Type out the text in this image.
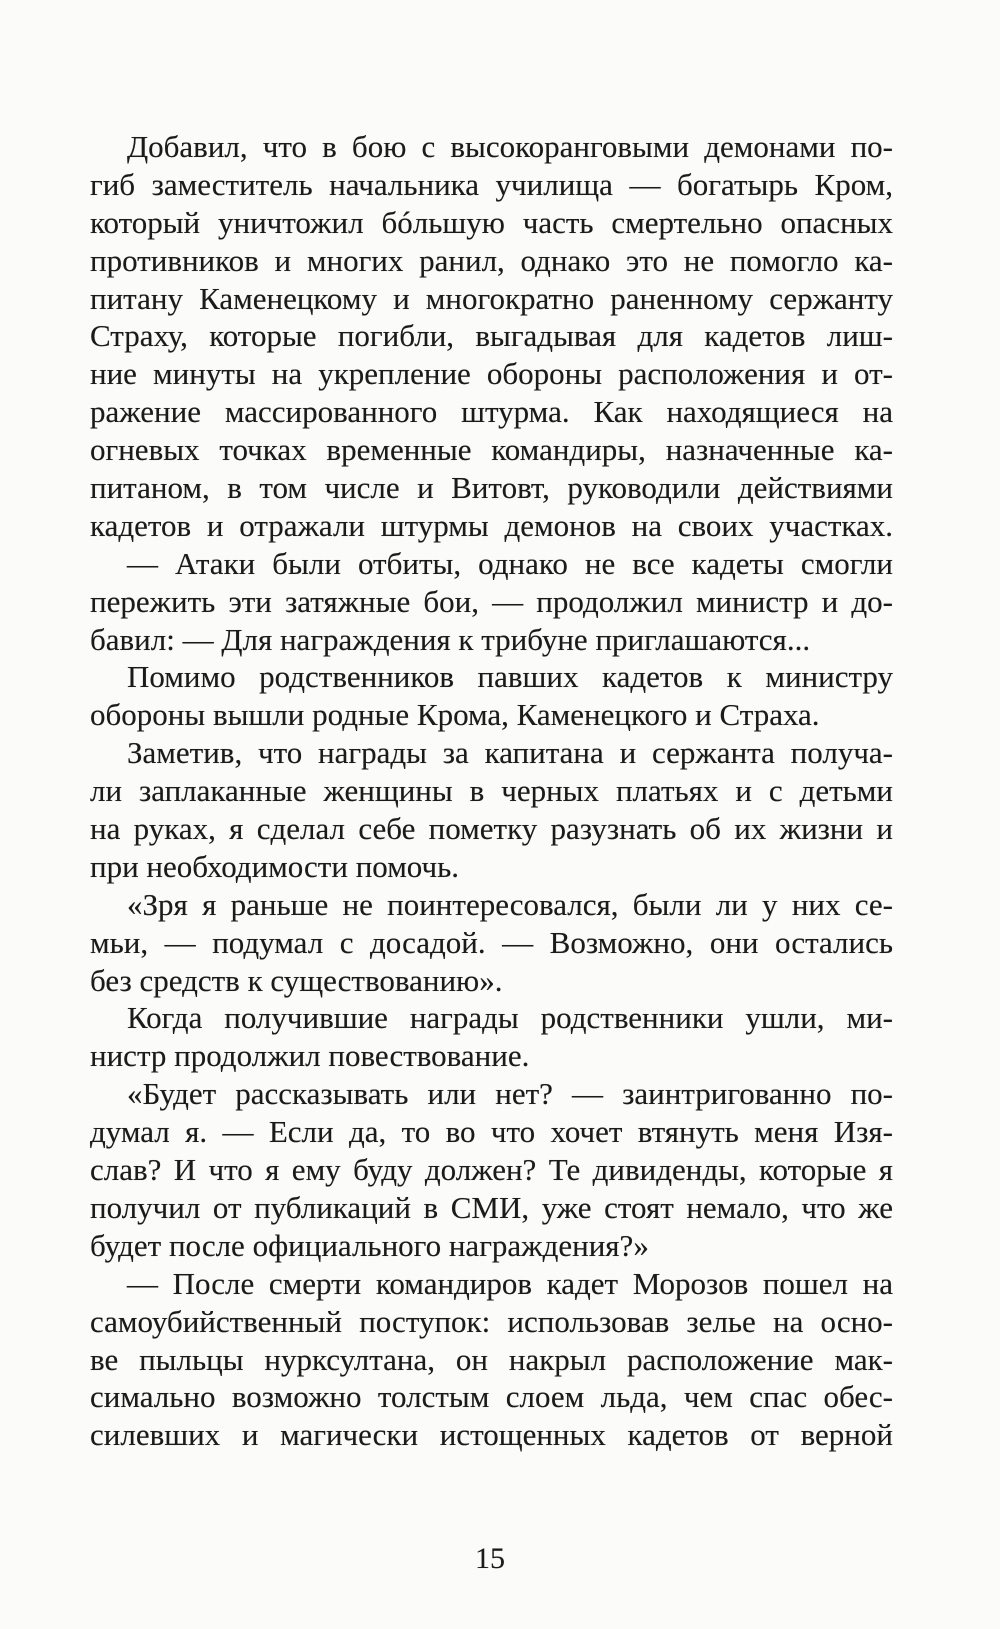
Добавил, что в бою с высокоранговыми демонами по-
гиб заместитель начальника училища — богатырь Кром,
который уничтожил бóльшую часть смертельно опасных
противников и многих ранил, однако это не помогло ка-
питану Каменецкому и многократно раненному сержанту
Страху, которые погибли, выгадывая для кадетов лиш-
ние минуты на укрепление обороны расположения и от-
ражение массированного штурма. Как находящиеся на
огневых точках временные командиры, назначенные ка-
питаном, в том числе и Витовт, руководили действиями
кадетов и отражали штурмы демонов на своих участках.
— Атаки были отбиты, однако не все кадеты смогли
пережить эти затяжные бои, — продолжил министр и до-
бавил: — Для награждения к трибуне приглашаются...
Помимо родственников павших кадетов к министру
обороны вышли родные Крома, Каменецкого и Страха.
Заметив, что награды за капитана и сержанта получа-
ли заплаканные женщины в черных платьях и с детьми
на руках, я сделал себе пометку разузнать об их жизни и
при необходимости помочь.
«Зря я раньше не поинтересовался, были ли у них се-
мьи, — подумал с досадой. — Возможно, они остались
без средств к существованию».
Когда получившие награды родственники ушли, ми-
нистр продолжил повествование.
«Будет рассказывать или нет? — заинтригованно по-
думал я. — Если да, то во что хочет втянуть меня Изя-
слав? И что я ему буду должен? Те дивиденды, которые я
получил от публикаций в СМИ, уже стоят немало, что же
будет после официального награждения?»
— После смерти командиров кадет Морозов пошел на
самоубийственный поступок: использовав зелье на осно-
ве пыльцы нурксултана, он накрыл расположение мак-
симально возможно толстым слоем льда, чем спас обес-
силевших и магически истощенных кадетов от верной
15
